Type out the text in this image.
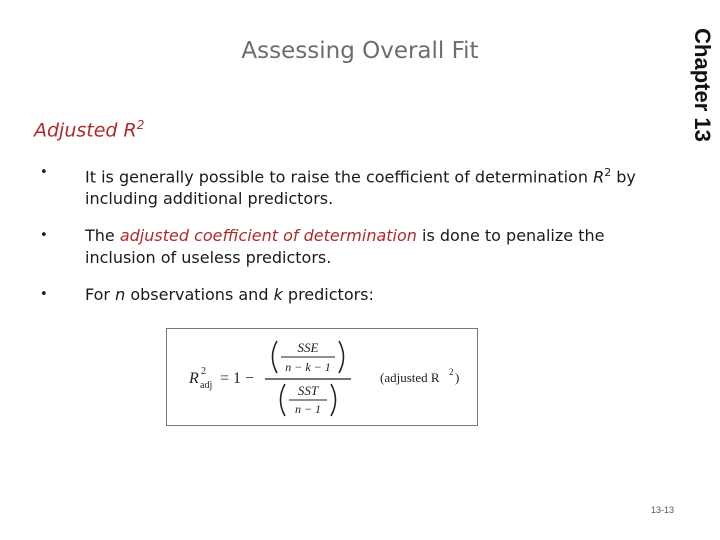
Assessing Overall Fit	Chapter 13
Adjusted $R^2$
• It is generally possible to raise the coefficient of determination $R^2$ by including additional predictors.
• The adjusted coefficient of determination is done to penalize the inclusion of useless predictors.
• For n observations and k predictors:
R 2
adj = 1 −
SSE
n − k − 1
SST
n − 1
(adjusted R 2 )
13-13
